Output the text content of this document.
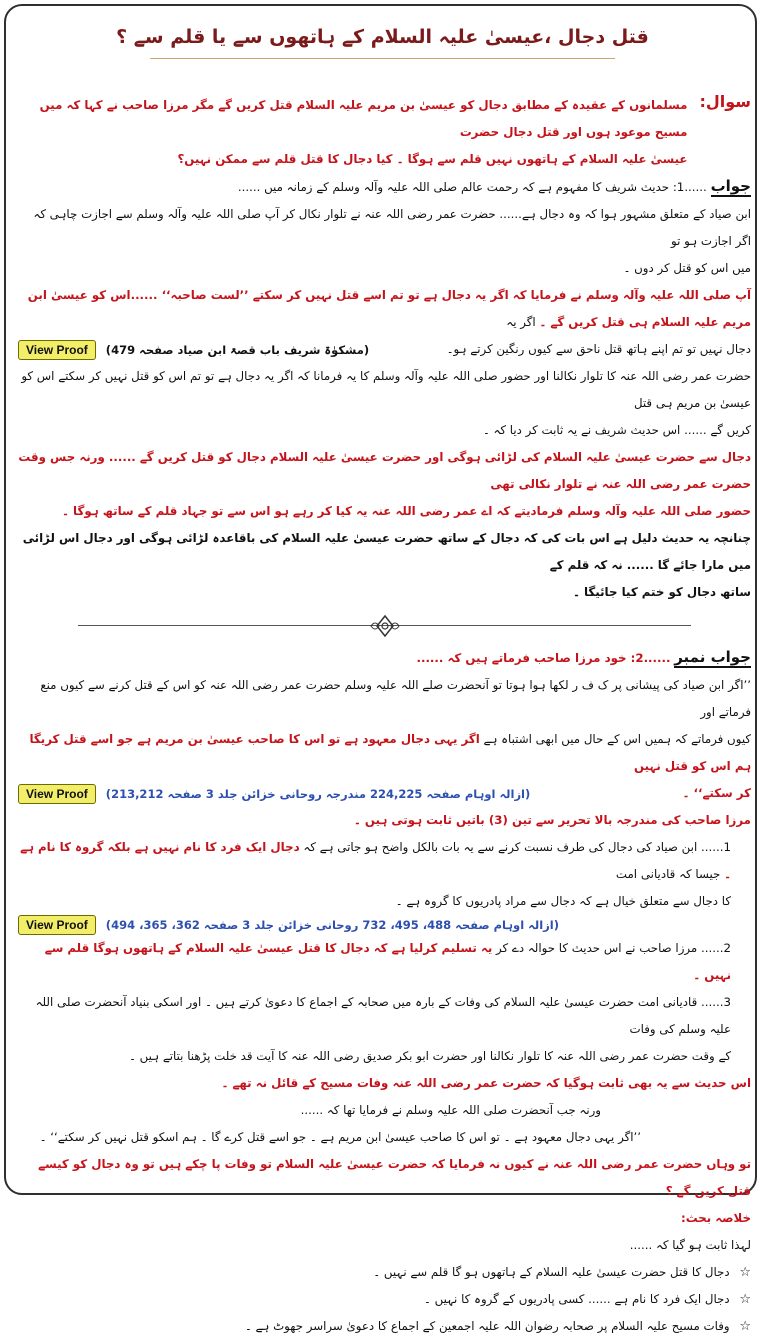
قتل دجال ،عیسیٰ علیہ السلام کے ہاتھوں سے یا قلم سے ؟
سوال:

مسلمانوں کے عقیدہ کے مطابق دجال کو عیسیٰ بن مریم علیہ السلام قتل کریں گے مگر مرزا صاحب نے کہا کہ میں مسیح موعود ہوں اور قتل دجال حضرت

عیسیٰ علیہ السلام کے ہاتھوں نہیں قلم سے ہوگا ۔ کیا دجال کا قتل قلم سے ممکن نہیں؟

جواب ......1: حدیث شریف کا مفہوم ہے کہ رحمت عالم صلی اللہ علیہ وآلہ وسلم کے زمانہ میں ......

ابن صیاد کے متعلق مشہور ہوا کہ وہ دجال ہے...... حضرت عمر رضی اللہ عنہ نے تلوار نکال کر آپ صلی اللہ علیہ وآلہ وسلم سے اجازت چاہی کہ اگر اجازت ہو تو

میں اس کو قتل کر دوں ۔

آپ صلی اللہ علیہ وآلہ وسلم نے فرمایا کہ اگر یہ دجال ہے تو تم اسے قتل نہیں کر سکتے ’’لست صاحبہ‘‘ ......اس کو عیسیٰ ابن مریم علیہ السلام ہی قتل کریں گے ۔ اگر یہ

دجال نہیں تو تم اپنے ہاتھ قتل ناحق سے کیوں رنگین کرتے ہو۔
(مشکوٰۃ شریف باب قصۃ ابن صیاد صفحہ 479)
View Proof

حضرت عمر رضی اللہ عنہ کا تلوار نکالنا اور حضور صلی اللہ علیہ وآلہ وسلم کا یہ فرمانا کہ اگر یہ دجال ہے تو تم اس کو قتل نہیں کر سکتے اس کو عیسیٰ بن مریم ہی قتل

کریں گے ...... اس حدیث شریف نے یہ ثابت کر دیا کہ ۔

دجال سے حضرت عیسیٰ علیہ السلام کی لڑائی ہوگی اور حضرت عیسیٰ علیہ السلام دجال کو قتل کریں گے ...... ورنہ جس وقت حضرت عمر رضی اللہ عنہ نے تلوار نکالی تھی

حضور صلی اللہ علیہ وآلہ وسلم فرمادیتے کہ اے عمر رضی اللہ عنہ یہ کیا کر رہے ہو اس سے تو جہاد قلم کے ساتھ ہوگا ۔

چنانچہ یہ حدیث دلیل ہے اس بات کی کہ دجال کے ساتھ حضرت عیسیٰ علیہ السلام کی باقاعدہ لڑائی ہوگی اور دجال اس لڑائی میں مارا جائے گا ...... نہ کہ قلم کے

ساتھ دجال کو ختم کیا جائیگا ۔

جواب نمبر ......2: خود مرزا صاحب فرماتے ہیں کہ ......

’’اگر ابن صیاد کی پیشانی پر ک ف ر لکھا ہوا ہوتا تو آنحضرت صلے اللہ علیہ وسلم حضرت عمر رضی اللہ عنہ کو اس کے قتل کرنے سے کیوں منع فرماتے اور

کیوں فرماتے کہ ہمیں اس کے حال میں ابھی اشتباہ ہے اگر یہی دجال معہود ہے تو اس کا صاحب عیسیٰ بن مریم ہے جو اسے قتل کریگا ہم اس کو قتل نہیں

کر سکتے‘‘ ۔
(ازالہ اوہام صفحہ 224,225 مندرجہ روحانی خزائن جلد 3 صفحہ 213,212)
View Proof

مرزا صاحب کی مندرجہ بالا تحریر سے تین (3) باتیں ثابت ہوتی ہیں ۔

1...... ابن صیاد کی دجال کی طرف نسبت کرنے سے یہ بات بالکل واضح ہو جاتی ہے کہ دجال ایک فرد کا نام نہیں ہے بلکہ گروہ کا نام ہے ۔ جیسا کہ قادیانی امت

کا دجال سے متعلق خیال ہے کہ دجال سے مراد پادریوں کا گروہ ہے ۔

(ازالہ اوہام صفحہ 488، 495، 732 روحانی خزائن جلد 3 صفحہ 362، 365، 494)
View Proof

2...... مرزا صاحب نے اس حدیث کا حوالہ دے کر یہ تسلیم کرلیا ہے کہ دجال کا قتل عیسیٰ علیہ السلام کے ہاتھوں ہوگا قلم سے نہیں ۔

3...... قادیانی امت حضرت عیسیٰ علیہ السلام کی وفات کے بارہ میں صحابہ کے اجماع کا دعویٰ کرتے ہیں ۔ اور اسکی بنیاد آنحضرت صلی اللہ علیہ وسلم کی وفات

کے وقت حضرت عمر رضی اللہ عنہ کا تلوار نکالنا اور حضرت ابو بکر صدیق رضی اللہ عنہ کا آیت قد خلت پڑھنا بتاتے ہیں ۔

اس حدیث سے یہ بھی ثابت ہوگیا کہ حضرت عمر رضی اللہ عنہ وفات مسیح کے قائل نہ تھے ۔

ورنہ جب آنحضرت صلی اللہ علیہ وسلم نے فرمایا تھا کہ ......

’’اگر یہی دجال معہود ہے ۔ تو اس کا صاحب عیسیٰ ابن مریم ہے ۔ جو اسے قتل کرے گا ۔ ہم اسکو قتل نہیں کر سکتے‘‘ ۔

تو وہاں حضرت عمر رضی اللہ عنہ نے کیوں نہ فرمایا کہ حضرت عیسیٰ علیہ السلام تو وفات پا چکے ہیں تو وہ دجال کو کیسے قتل کریں گے ؟

خلاصہ بحث:

لہذا ثابت ہو گیا کہ ......

☆ دجال کا قتل حضرت عیسیٰ علیہ السلام کے ہاتھوں ہو گا قلم سے نہیں ۔

☆ دجال ایک فرد کا نام ہے ...... کسی پادریوں کے گروہ کا نہیں ۔

☆ وفات مسیح علیہ السلام پر صحابہ رضوان اللہ علیہ اجمعین کے اجماع کا دعویٰ سراسر جھوٹ ہے ۔
